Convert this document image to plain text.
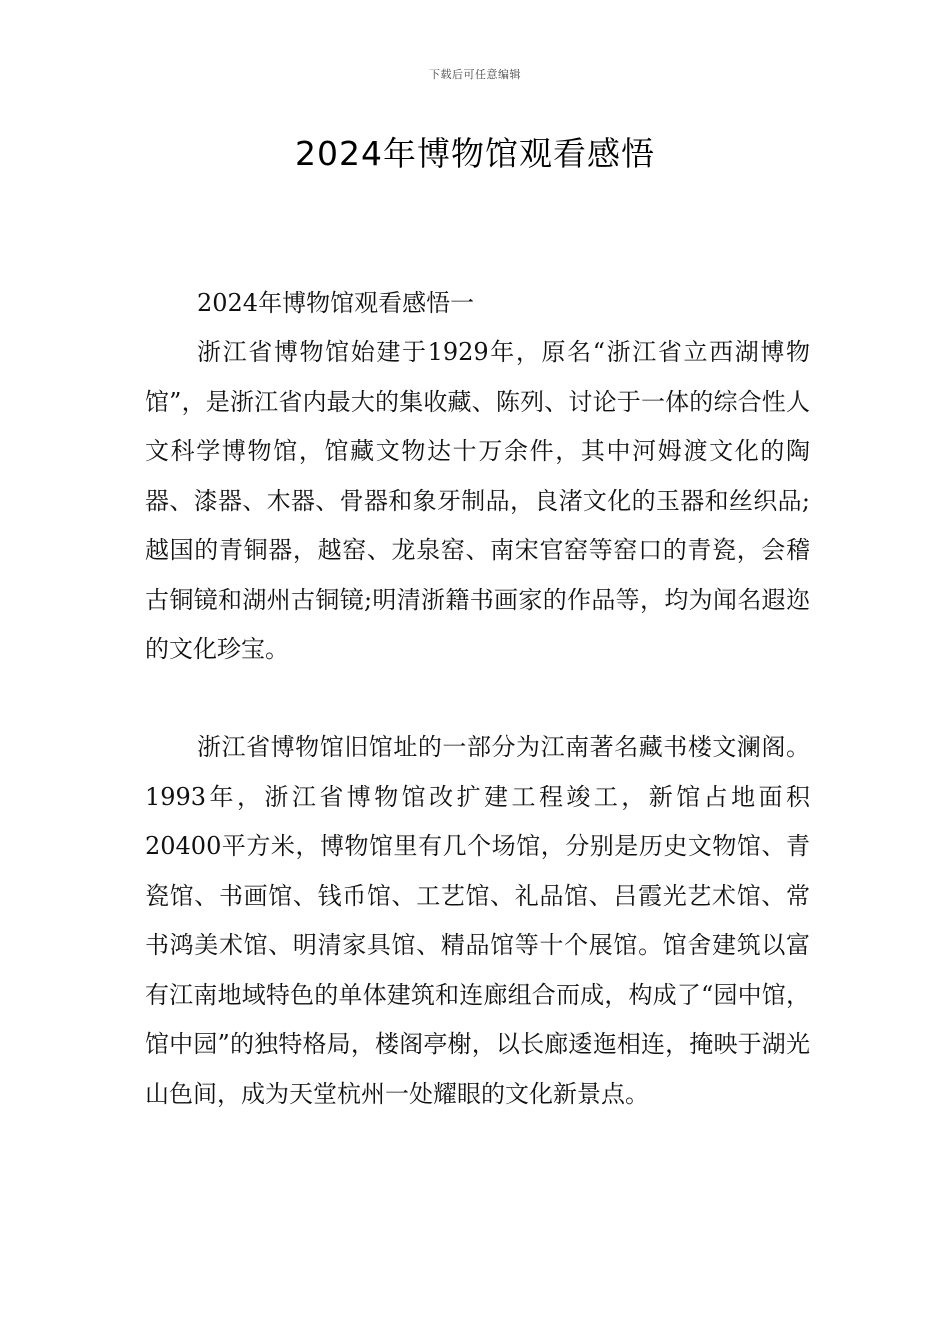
下载后可任意编辑
2024年博物馆观看感悟

2024年博物馆观看感悟一

浙江省博物馆始建于1929年，原名“浙江省立西湖博物馆”，是浙江省内最大的集收藏、陈列、讨论于一体的综合性人文科学博物馆，馆藏文物达十万余件，其中河姆渡文化的陶器、漆器、木器、骨器和象牙制品，良渚文化的玉器和丝织品;越国的青铜器，越窑、龙泉窑、南宋官窑等窑口的青瓷，会稽古铜镜和湖州古铜镜;明清浙籍书画家的作品等，均为闻名遐迩的文化珍宝。

浙江省博物馆旧馆址的一部分为江南著名藏书楼文澜阁。1993年，浙江省博物馆改扩建工程竣工，新馆占地面积20400平方米，博物馆里有几个场馆，分别是历史文物馆、青瓷馆、书画馆、钱币馆、工艺馆、礼品馆、吕霞光艺术馆、常书鸿美术馆、明清家具馆、精品馆等十个展馆。馆舍建筑以富有江南地域特色的单体建筑和连廊组合而成，构成了“园中馆，馆中园”的独特格局，楼阁亭榭，以长廊逶迤相连，掩映于湖光山色间，成为天堂杭州一处耀眼的文化新景点。
